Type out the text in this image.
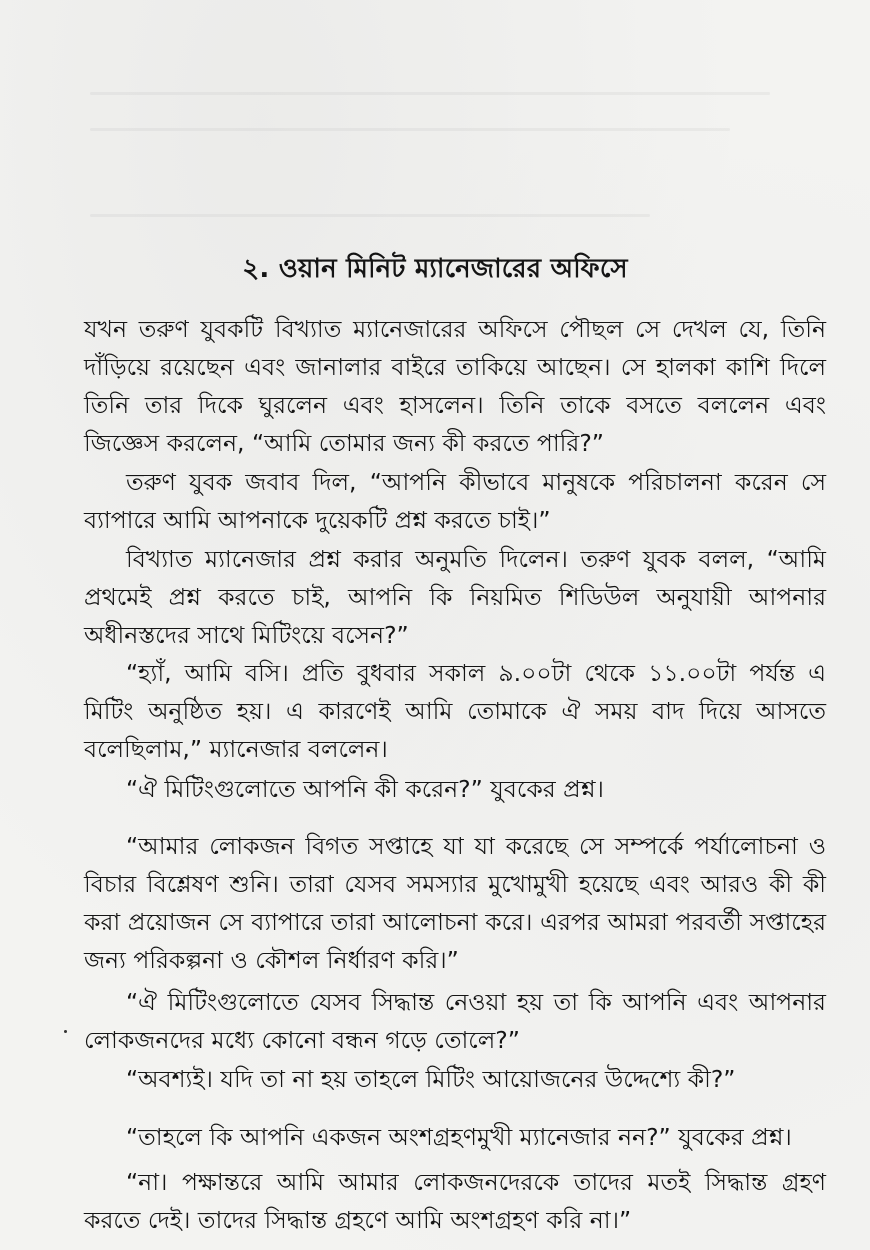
২. ওয়ান মিনিট ম্যানেজারের অফিসে

যখন তরুণ যুবকটি বিখ্যাত ম্যানেজারের অফিসে পৌছল সে দেখল যে, তিনি দাঁড়িয়ে রয়েছেন এবং জানালার বাইরে তাকিয়ে আছেন। সে হালকা কাশি দিলে তিনি তার দিকে ঘুরলেন এবং হাসলেন। তিনি তাকে বসতে বললেন এবং জিজ্ঞেস করলেন, “আমি তোমার জন্য কী করতে পারি?”

তরুণ যুবক জবাব দিল, “আপনি কীভাবে মানুষকে পরিচালনা করেন সে ব্যাপারে আমি আপনাকে দুয়েকটি প্রশ্ন করতে চাই।”

বিখ্যাত ম্যানেজার প্রশ্ন করার অনুমতি দিলেন। তরুণ যুবক বলল, “আমি প্রথমেই প্রশ্ন করতে চাই, আপনি কি নিয়মিত শিডিউল অনুযায়ী আপনার অধীনস্তদের সাথে মিটিংয়ে বসেন?”

“হ্যাঁ, আমি বসি। প্রতি বুধবার সকাল ৯.০০টা থেকে ১১.০০টা পর্যন্ত এ মিটিং অনুষ্ঠিত হয়। এ কারণেই আমি তোমাকে ঐ সময় বাদ দিয়ে আসতে বলেছিলাম,” ম্যানেজার বললেন।

“ঐ মিটিংগুলোতে আপনি কী করেন?” যুবকের প্রশ্ন।

“আমার লোকজন বিগত সপ্তাহে যা যা করেছে সে সম্পর্কে পর্যালোচনা ও বিচার বিশ্লেষণ শুনি। তারা যেসব সমস্যার মুখোমুখী হয়েছে এবং আরও কী কী করা প্রয়োজন সে ব্যাপারে তারা আলোচনা করে। এরপর আমরা পরবর্তী সপ্তাহের জন্য পরিকল্পনা ও কৌশল নির্ধারণ করি।”

“ঐ মিটিংগুলোতে যেসব সিদ্ধান্ত নেওয়া হয় তা কি আপনি এবং আপনার লোকজনদের মধ্যে কোনো বন্ধন গড়ে তোলে?”

“অবশ্যই। যদি তা না হয় তাহলে মিটিং আয়োজনের উদ্দেশ্যে কী?”

“তাহলে কি আপনি একজন অংশগ্রহণমুখী ম্যানেজার নন?” যুবকের প্রশ্ন।

“না। পক্ষান্তরে আমি আমার লোকজনদেরকে তাদের মতই সিদ্ধান্ত গ্রহণ করতে দেই। তাদের সিদ্ধান্ত গ্রহণে আমি অংশগ্রহণ করি না।”
